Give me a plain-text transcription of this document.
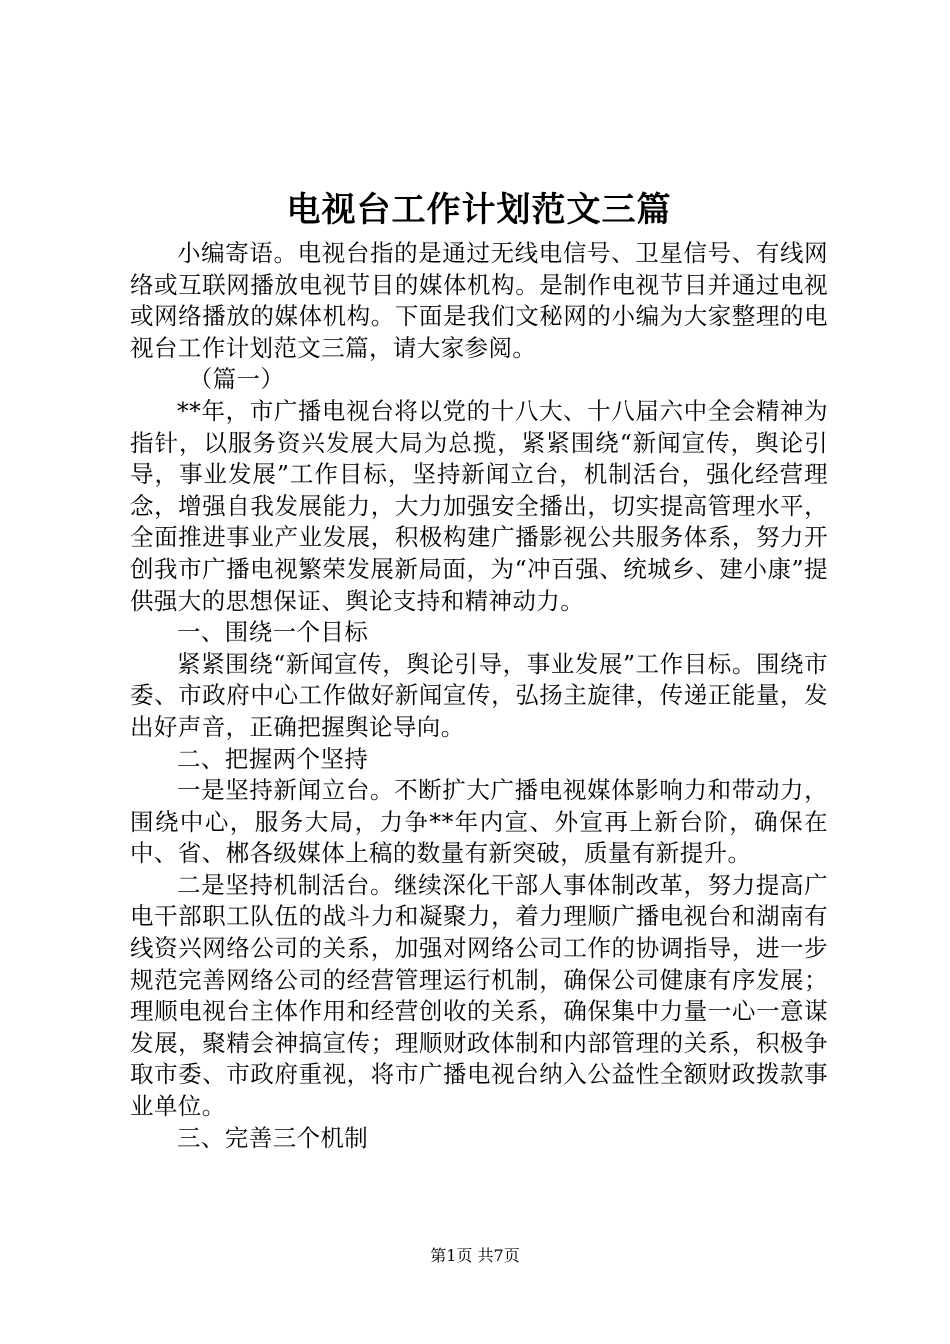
电视台工作计划范文三篇

小编寄语。电视台指的是通过无线电信号、卫星信号、有线网络或互联网播放电视节目的媒体机构。是制作电视节目并通过电视或网络播放的媒体机构。下面是我们文秘网的小编为大家整理的电视台工作计划范文三篇，请大家参阅。

（篇一）

**年，市广播电视台将以党的十八大、十八届六中全会精神为指针，以服务资兴发展大局为总揽，紧紧围绕“新闻宣传，舆论引导，事业发展”工作目标，坚持新闻立台，机制活台，强化经营理念，增强自我发展能力，大力加强安全播出，切实提高管理水平，全面推进事业产业发展，积极构建广播影视公共服务体系，努力开创我市广播电视繁荣发展新局面，为“冲百强、统城乡、建小康”提供强大的思想保证、舆论支持和精神动力。

一、围绕一个目标

紧紧围绕“新闻宣传，舆论引导，事业发展”工作目标。围绕市委、市政府中心工作做好新闻宣传，弘扬主旋律，传递正能量，发出好声音，正确把握舆论导向。

二、把握两个坚持

一是坚持新闻立台。不断扩大广播电视媒体影响力和带动力，围绕中心，服务大局，力争**年内宣、外宣再上新台阶，确保在中、省、郴各级媒体上稿的数量有新突破，质量有新提升。

二是坚持机制活台。继续深化干部人事体制改革，努力提高广电干部职工队伍的战斗力和凝聚力，着力理顺广播电视台和湖南有线资兴网络公司的关系，加强对网络公司工作的协调指导，进一步规范完善网络公司的经营管理运行机制，确保公司健康有序发展；理顺电视台主体作用和经营创收的关系，确保集中力量一心一意谋发展，聚精会神搞宣传；理顺财政体制和内部管理的关系，积极争取市委、市政府重视，将市广播电视台纳入公益性全额财政拨款事业单位。

三、完善三个机制

第1页 共7页
